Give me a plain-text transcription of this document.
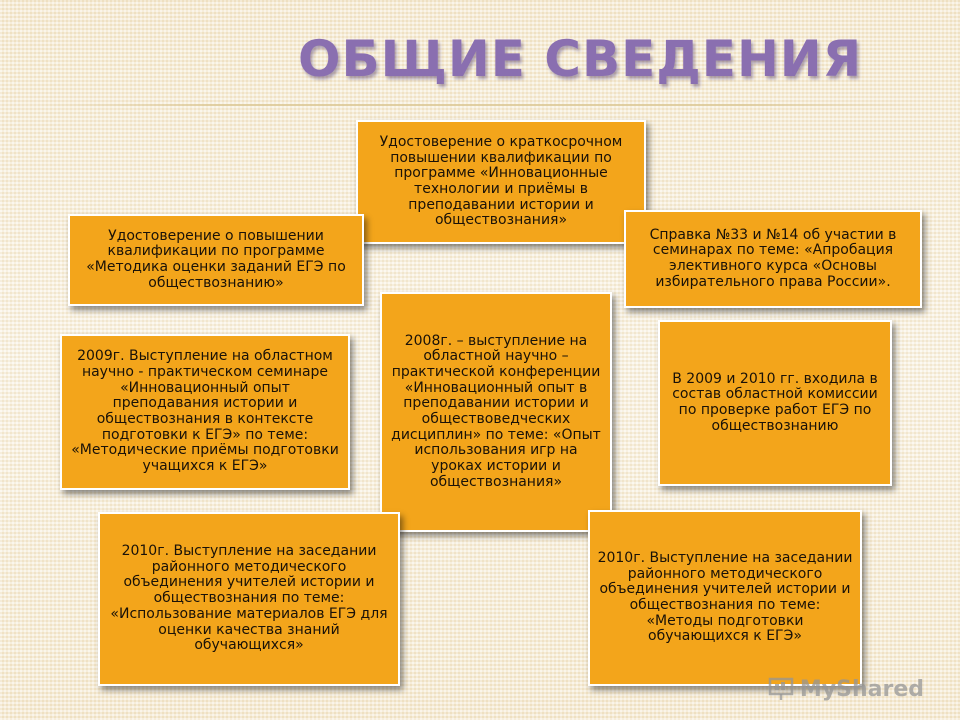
ОБЩИЕ СВЕДЕНИЯ
Удостоверение о краткосрочном повышении квалификации по программе «Инновационные технологии и приёмы в преподавании истории и обществознания»
Удостоверение о повышении квалификации по программе «Методика оценки заданий ЕГЭ по обществознанию»
Справка №33 и №14 об участии в семинарах по теме: «Апробация элективного курса «Основы избирательного права России».
2009г. Выступление на областном научно - практическом семинаре «Инновационный опыт преподавания истории и обществознания в контексте подготовки к ЕГЭ» по теме: «Методические приёмы подготовки учащихся к ЕГЭ»
2008г. – выступление на областной научно – практической конференции «Инновационный опыт в преподавании истории и обществоведческих дисциплин» по теме: «Опыт использования игр на уроках истории и обществознания»
В 2009 и 2010 гг. входила в состав областной комиссии по проверке работ ЕГЭ по обществознанию
2010г. Выступление на заседании районного методического объединения учителей истории и обществознания по теме: «Использование материалов ЕГЭ для оценки качества знаний обучающихся»
2010г. Выступление на заседании районного методического объединения учителей истории и обществознания по теме: «Методы подготовки обучающихся к ЕГЭ»
MyShared
